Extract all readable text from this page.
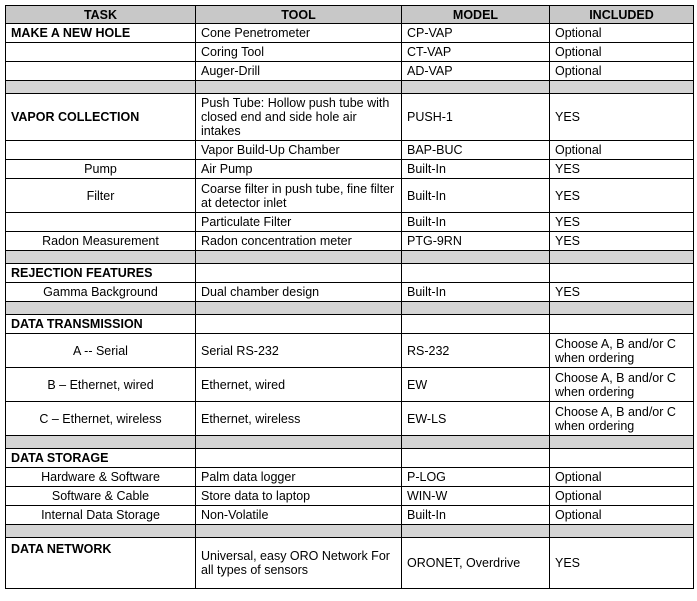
TASK	TOOL	MODEL	INCLUDED
MAKE A NEW HOLE	Cone Penetrometer	CP-VAP	Optional
	Coring Tool	CT-VAP	Optional
	Auger-Drill	AD-VAP	Optional

VAPOR COLLECTION	Push Tube: Hollow push tube with closed end and side hole air intakes	PUSH-1	YES
	Vapor Build-Up Chamber	BAP-BUC	Optional
Pump	Air Pump	Built-In	YES
Filter	Coarse filter in push tube, fine filter at detector inlet	Built-In	YES
	Particulate Filter	Built-In	YES
Radon Measurement	Radon concentration meter	PTG-9RN	YES

REJECTION FEATURES			
Gamma Background	Dual chamber design	Built-In	YES

DATA TRANSMISSION			
A -- Serial	Serial RS-232	RS-232	Choose A, B and/or C when ordering
B – Ethernet, wired	Ethernet, wired	EW	Choose A, B and/or C when ordering
C – Ethernet, wireless	Ethernet, wireless	EW-LS	Choose A, B and/or C when ordering

DATA STORAGE			
Hardware & Software	Palm data logger	P-LOG	Optional
Software & Cable	Store data to laptop	WIN-W	Optional
Internal Data Storage	Non-Volatile	Built-In	Optional

DATA NETWORK	Universal, easy ORO Network For all types of sensors	ORONET, Overdrive	YES
